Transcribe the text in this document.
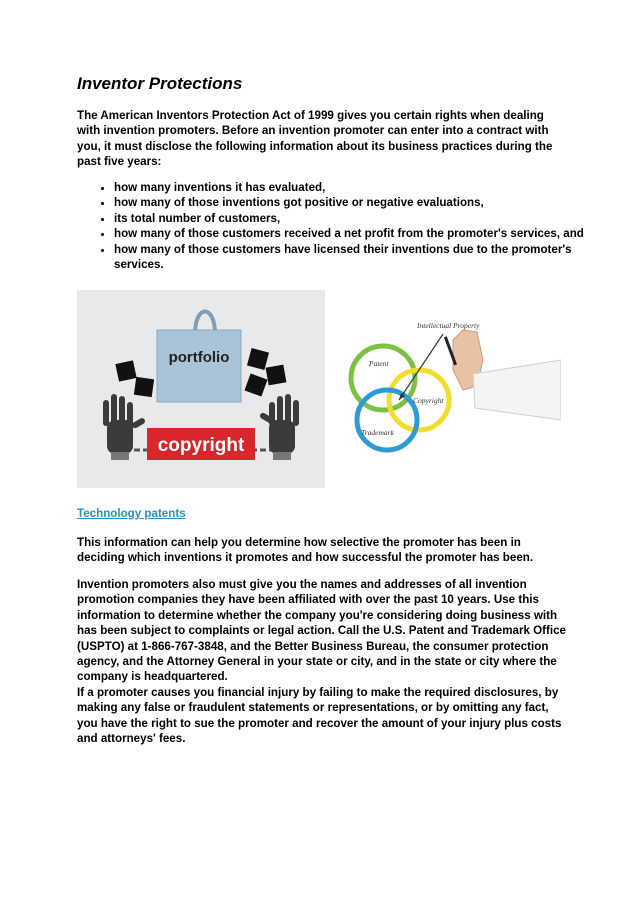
Inventor Protections

The American Inventors Protection Act of 1999 gives you certain rights when dealing with invention promoters. Before an invention promoter can enter into a contract with you, it must disclose the following information about its business practices during the past five years:

• how many inventions it has evaluated,
• how many of those inventions got positive or negative evaluations,
• its total number of customers,
• how many of those customers received a net profit from the promoter's services, and
• how many of those customers have licensed their inventions due to the promoter's services.
portfolio
copyright
Intellectual Property
Patent
Copyright
Trademark
Technology patents

This information can help you determine how selective the promoter has been in deciding which inventions it promotes and how successful the promoter has been.

Invention promoters also must give you the names and addresses of all invention promotion companies they have been affiliated with over the past 10 years. Use this information to determine whether the company you're considering doing business with has been subject to complaints or legal action. Call the U.S. Patent and Trademark Office (USPTO) at 1-866-767-3848, and the Better Business Bureau, the consumer protection agency, and the Attorney General in your state or city, and in the state or city where the company is headquartered.

If a promoter causes you financial injury by failing to make the required disclosures, by making any false or fraudulent statements or representations, or by omitting any fact, you have the right to sue the promoter and recover the amount of your injury plus costs and attorneys' fees.
